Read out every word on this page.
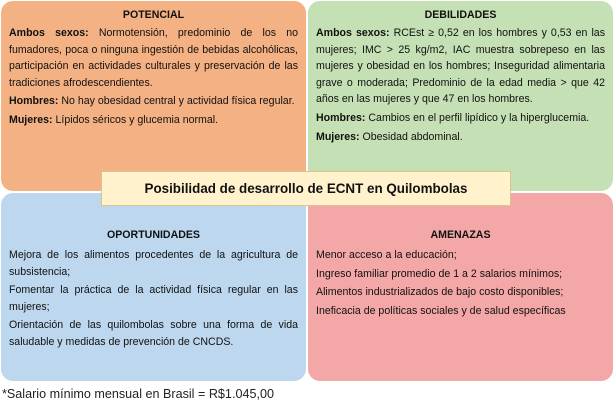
POTENCIAL

Ambos sexos: Normotensión, predominio de los no fumadores, poca o ninguna ingestión de bebidas alcohólicas, participación en actividades culturales y preservación de las tradiciones afrodescendientes.

Hombres: No hay obesidad central y actividad física regular.

Mujeres: Lípidos séricos y glucemia normal.

DEBILIDADES

Ambos sexos: RCEst ≥ 0,52 en los hombres y 0,53 en las mujeres; IMC > 25 kg/m2, IAC muestra sobrepeso en las mujeres y obesidad en los hombres; Inseguridad alimentaria grave o moderada; Predominio de la edad media > que 42 años en las mujeres y que 47 en los hombres.

Hombres: Cambios en el perfil lipídico y la hiperglucemia.

Mujeres: Obesidad abdominal.

OPORTUNIDADES

Mejora de los alimentos procedentes de la agricultura de subsistencia;

Fomentar la práctica de la actividad física regular en las mujeres;

Orientación de las quilombolas sobre una forma de vida saludable y medidas de prevención de CNCDS.

AMENAZAS

Menor acceso a la educación;

Ingreso familiar promedio de 1 a 2 salarios mínimos;

Alimentos industrializados de bajo costo disponibles;

Ineficacia de políticas sociales y de salud específicas

Posibilidad de desarrollo de ECNT en Quilombolas
*Salario mínimo mensual en Brasil = R$1.045,00
